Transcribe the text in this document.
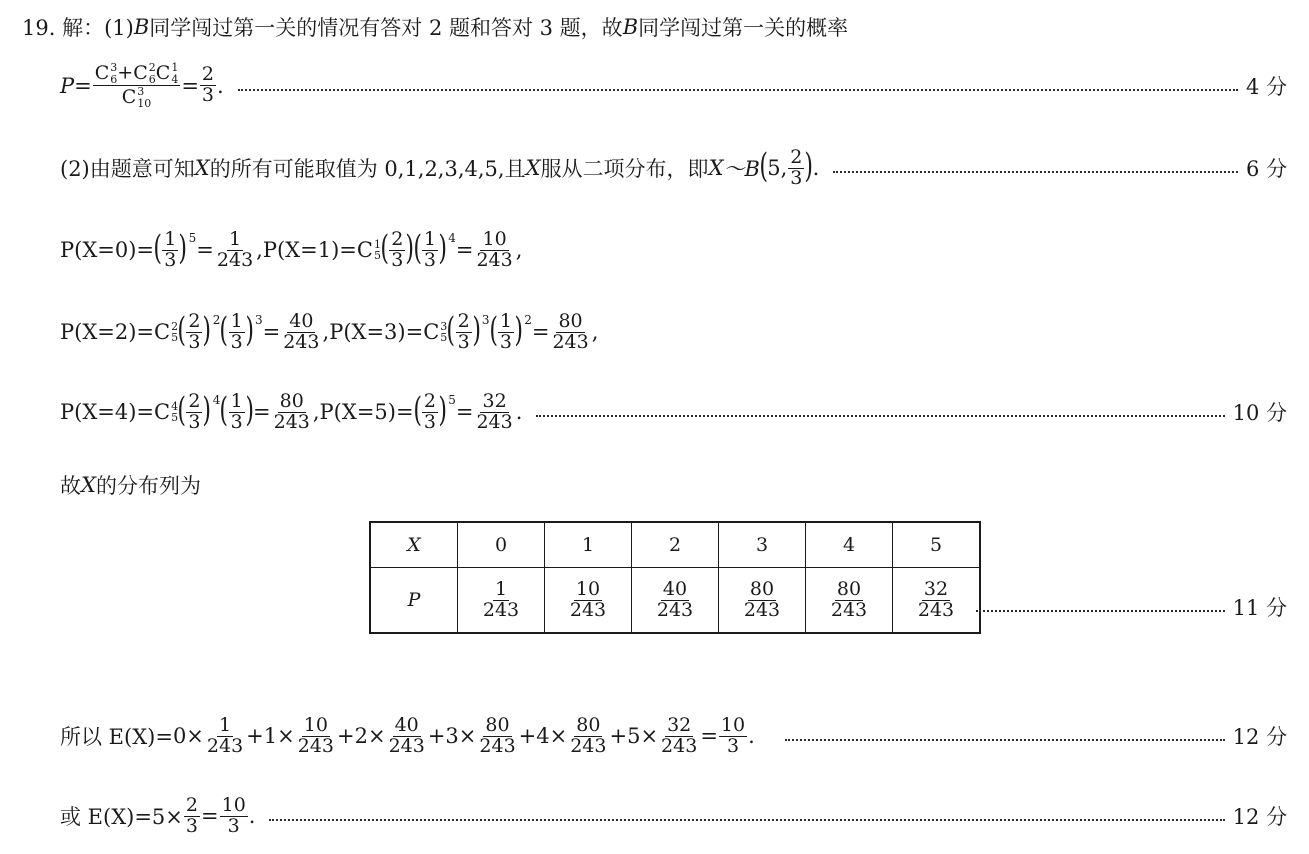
19. 解：(1) B 同学闯过第一关的情况有答对 2 题和答对 3 题，故 B 同学闯过第一关的概率
P = C 3
6 + C 2
6 C 1
4
C 3
$10 = \frac{2}{3}$ .	4 分
(2)由题意可知 X 的所有可能取值为 0,1,2,3,4,5,且 X 服从二项分布，即 X ～B ( 5, $\frac{2}{3}$ ) .	6 分
P(X=0)= ( $\frac{1}{3} )^5 = \frac{1}{243} ,P(X=1)= C$ 1
5 ( $\frac{2}{3}$ )
( $\frac{1}{3} )^4 = \frac{10}{243}$ ,
P(X=2)= C 2
5 ( $\frac{2}{3} )^2$ ( $\frac{1}{3} )^3 = \frac{40}{243} ,P(X=3)= C$ 3
5 ( $\frac{2}{3} )^3$ ( $\frac{1}{3} )^2 = \frac{80}{243}$ ,
P(X=4)= C 4
5 ( $\frac{2}{3} )^4$ ( $\frac{1}{3}$ ) = $\frac{80}{243} ,P(X=5)=$ ( $\frac{2}{3} )^5 = \frac{32}{243}$ .	10 分
故 X 的分布列为
X	0	1	2	3	4	5
P	$\frac{1}{243}$	$\frac{10}{243}$	$\frac{40}{243}$	$\frac{80}{243}$	$\frac{80}{243}$	$\frac{32}{243}$	11 分
所以 $E(X)= 0\times \frac{1}{243} +1\times \frac{10}{243} +2\times \frac{40}{243} +3\times \frac{80}{243} +4\times \frac{80}{243} +5\times \frac{32}{243} = \frac{10}{3}$ .	12 分
或 $E(X)=5\times \frac{2}{3} = \frac{10}{3}$ .	12 分
